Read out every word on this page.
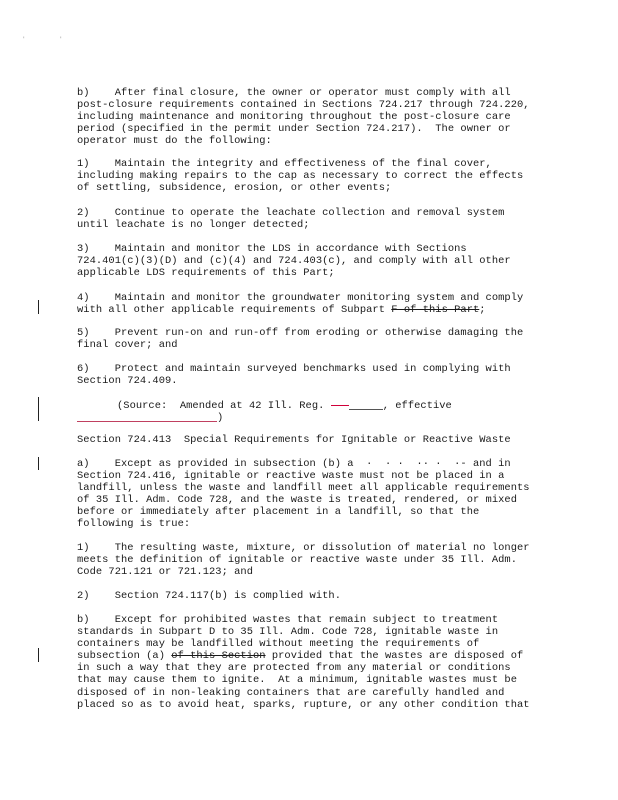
'	'
b)    After final closure, the owner or operator must comply with all
post-closure requirements contained in Sections 724.217 through 724.220,
including maintenance and monitoring throughout the post-closure care
period (specified in the permit under Section 724.217).  The owner or
operator must do the following:
1)    Maintain the integrity and effectiveness of the final cover,
including making repairs to the cap as necessary to correct the effects
of settling, subsidence, erosion, or other events;
2)    Continue to operate the leachate collection and removal system
until leachate is no longer detected;
3)    Maintain and monitor the LDS in accordance with Sections
724.401(c)(3)(D) and (c)(4) and 724.403(c), and comply with all other
applicable LDS requirements of this Part;
4)    Maintain and monitor the groundwater monitoring system and comply
with all other applicable requirements of Subpart F of this Part;
5)    Prevent run-on and run-off from eroding or otherwise damaging the
final cover; and
6)    Protect and maintain surveyed benchmarks used in complying with
Section 724.409.
(Source:  Amended at 42 Ill. Reg.	, effective
)
Section 724.413  Special Requirements for Ignitable or Reactive Waste
a)    Except as provided in subsection (b) a  ·  · ·  ·· ·  ·- and in
Section 724.416, ignitable or reactive waste must not be placed in a
landfill, unless the waste and landfill meet all applicable requirements
of 35 Ill. Adm. Code 728, and the waste is treated, rendered, or mixed
before or immediately after placement in a landfill, so that the
following is true:
1)    The resulting waste, mixture, or dissolution of material no longer
meets the definition of ignitable or reactive waste under 35 Ill. Adm.
Code 721.121 or 721.123; and
2)    Section 724.117(b) is complied with.
b)    Except for prohibited wastes that remain subject to treatment
standards in Subpart D to 35 Ill. Adm. Code 728, ignitable waste in
containers may be landfilled without meeting the requirements of
subsection (a) of this Section provided that the wastes are disposed of
in such a way that they are protected from any material or conditions
that may cause them to ignite.  At a minimum, ignitable wastes must be
disposed of in non-leaking containers that are carefully handled and
placed so as to avoid heat, sparks, rupture, or any other condition that
